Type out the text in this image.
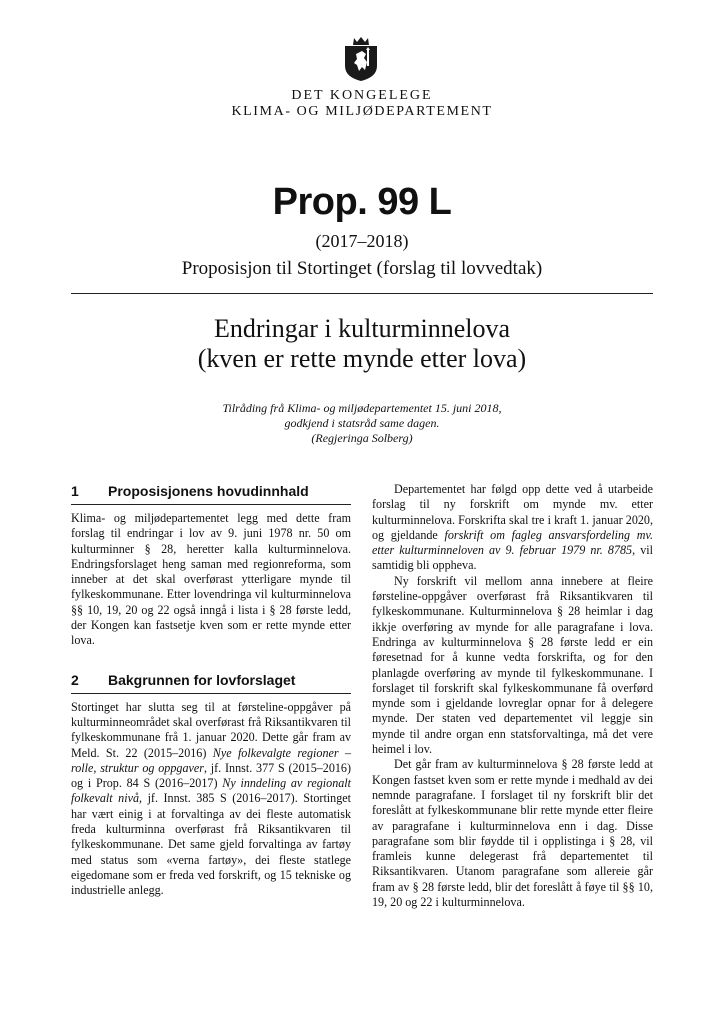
DET KONGELEGE
KLIMA- OG MILJØDEPARTEMENT
Prop. 99 L
(2017–2018)
Proposisjon til Stortinget (forslag til lovvedtak)
Endringar i kulturminnelova
(kven er rette mynde etter lova)
Tilråding frå Klima- og miljødepartementet 15. juni 2018,
godkjend i statsråd same dagen.
(Regjeringa Solberg)
1	Proposisjonens hovudinnhald

Klima- og miljødepartementet legg med dette fram forslag til endringar i lov av 9. juni 1978 nr. 50 om kulturminner § 28, heretter kalla kulturminnelova. Endringsforslaget heng saman med regionreforma, som inneber at det skal overførast ytterligare mynde til fylkeskommunane. Etter lovendringa vil kulturminnelova §§ 10, 19, 20 og 22 også inngå i lista i § 28 første ledd, der Kongen kan fastsetje kven som er rette mynde etter lova.

2	Bakgrunnen for lovforslaget

Stortinget har slutta seg til at førsteline-oppgåver på kulturminneområdet skal overførast frå Riksantikvaren til fylkeskommunane frå 1. januar 2020. Dette går fram av Meld. St. 22 (2015–2016) Nye folkevalgte regioner – rolle, struktur og oppgaver, jf. Innst. 377 S (2015–2016) og i Prop. 84 S (2016–2017) Ny inndeling av regionalt folkevalt nivå, jf. Innst. 385 S (2016–2017). Stortinget har vært einig i at forvaltinga av dei fleste automatisk freda kulturminna overførast frå Riksantikvaren til fylkeskommunane. Det same gjeld forvaltinga av fartøy med status som «verna fartøy», dei fleste statlege eigedomane som er freda ved forskrift, og 15 tekniske og industrielle anlegg.

Departementet har følgd opp dette ved å utarbeide forslag til ny forskrift om mynde mv. etter kulturminnelova. Forskrifta skal tre i kraft 1. januar 2020, og gjeldande forskrift om fagleg ansvarsfordeling mv. etter kulturminneloven av 9. februar 1979 nr. 8785, vil samtidig bli oppheva.

Ny forskrift vil mellom anna innebere at fleire førsteline-oppgåver overførast frå Riksantikvaren til fylkeskommunane. Kulturminnelova § 28 heimlar i dag ikkje overføring av mynde for alle paragrafane i lova. Endringa av kulturminnelova § 28 første ledd er ein føresetnad for å kunne vedta forskrifta, og for den planlagde overføring av mynde til fylkeskommunane. I forslaget til forskrift skal fylkeskommunane få overførd mynde som i gjeldande lovreglar opnar for å delegere mynde. Der staten ved departementet vil leggje sin mynde til andre organ enn statsforvaltinga, må det vere heimel i lov.

Det går fram av kulturminnelova § 28 første ledd at Kongen fastset kven som er rette mynde i medhald av dei nemnde paragrafane. I forslaget til ny forskrift blir det foreslått at fylkeskommunane blir rette mynde etter fleire av paragrafane i kulturminnelova enn i dag. Disse paragrafane som blir føydde til i opplistinga i § 28, vil framleis kunne delegerast frå departementet til Riksantikvaren. Utanom paragrafane som allereie går fram av § 28 første ledd, blir det foreslått å føye til §§ 10, 19, 20 og 22 i kulturminnelova.
